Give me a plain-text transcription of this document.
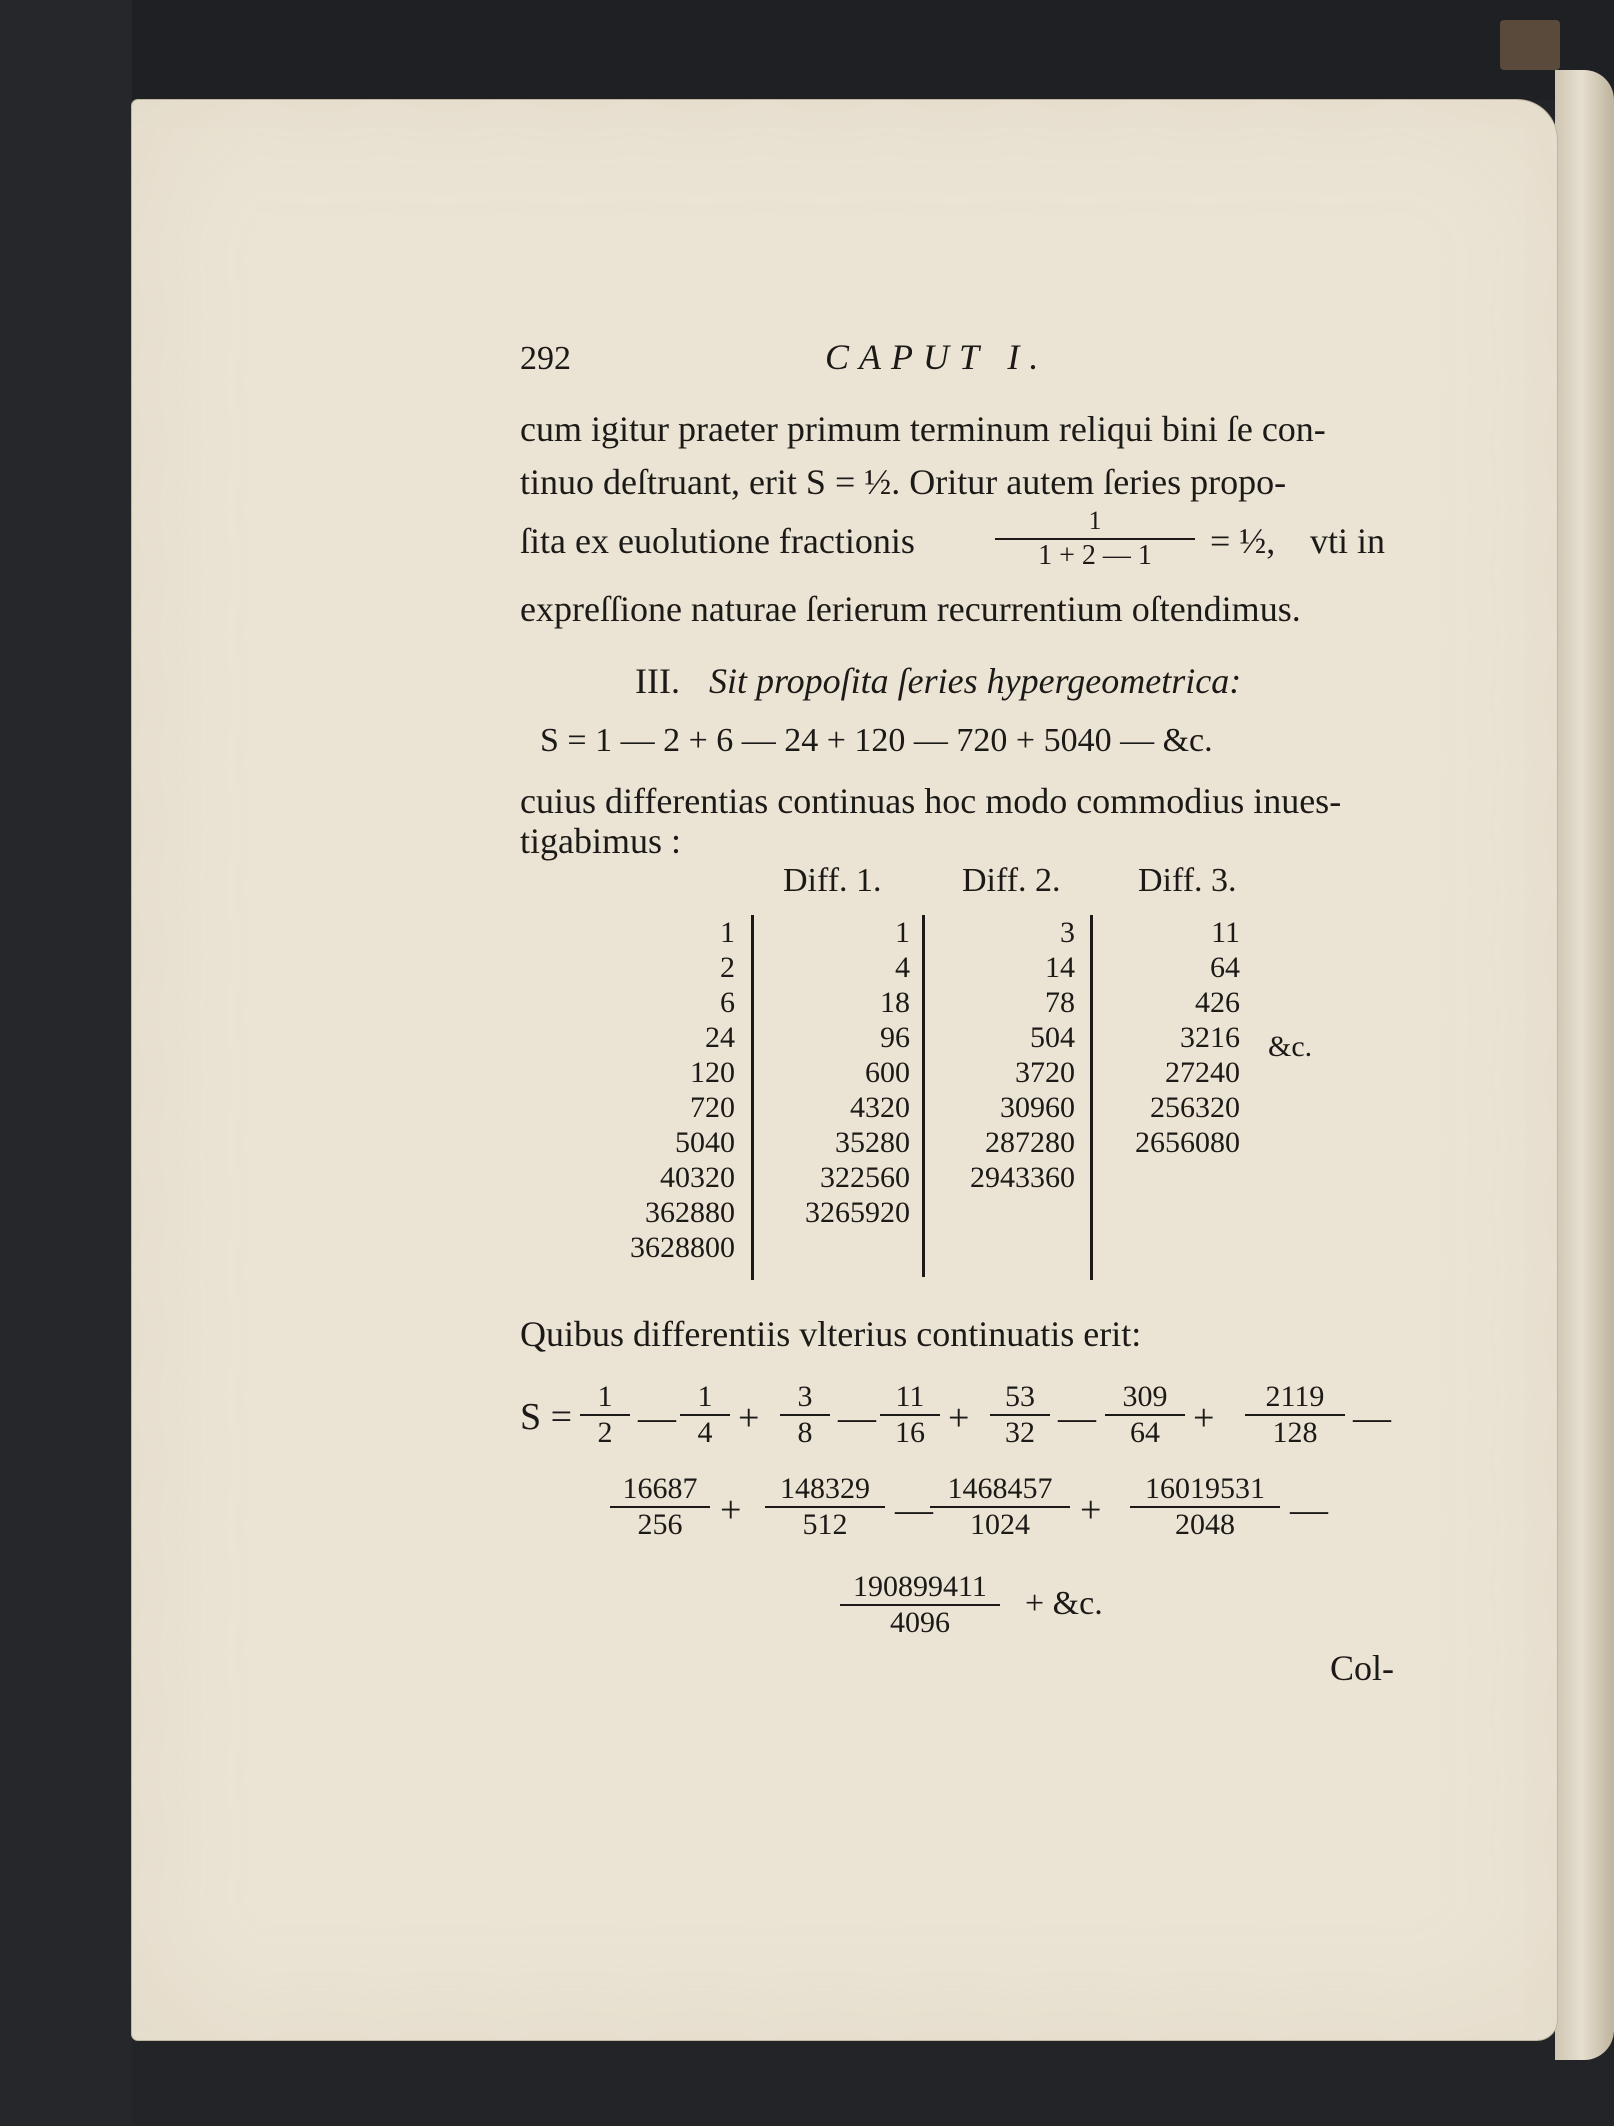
292	CAPUT I.
cum igitur praeter primum terminum reliqui bini ſe con-
tinuo deſtruant, erit S = ½. Oritur autem ſeries propo-
ſita ex euolutione fractionis	$\frac{1}{1 + 2 — 1}$ = ½, vti in
expreſſione naturae ſerierum recurrentium oſtendimus.
III. Sit propoſita ſeries hypergeometrica:
S = 1 — 2 + 6 — 24 + 120 — 720 + 5040 — &c.
cuius differentias continuas hoc modo commodius inues-
tigabimus :
Diff. 1. Diff. 2. Diff. 3.
1
2
6
24
120
720
5040
40320
362880
3628800
1
4
18
96
600
4320
35280
322560
3265920
3
14
78
504
3720
30960
287280
2943360
11
64
426
3216
27240
256320
2656080
&c.
Quibus differentiis vlterius continuatis erit:
$S = \frac{1}{2}$ — $\frac{1}{4} + \frac{3}{8}$ — $\frac{11}{16} + \frac{53}{32}$ — $\frac{309}{64} + \frac{2119}{128}$ —
$\frac{16687}{256} + \frac{148329}{512}$ —
$\frac{1468457}{1024} + \frac{16019531}{2048}$ —
$\frac{190899411}{4096}$ + &c.
Col-
